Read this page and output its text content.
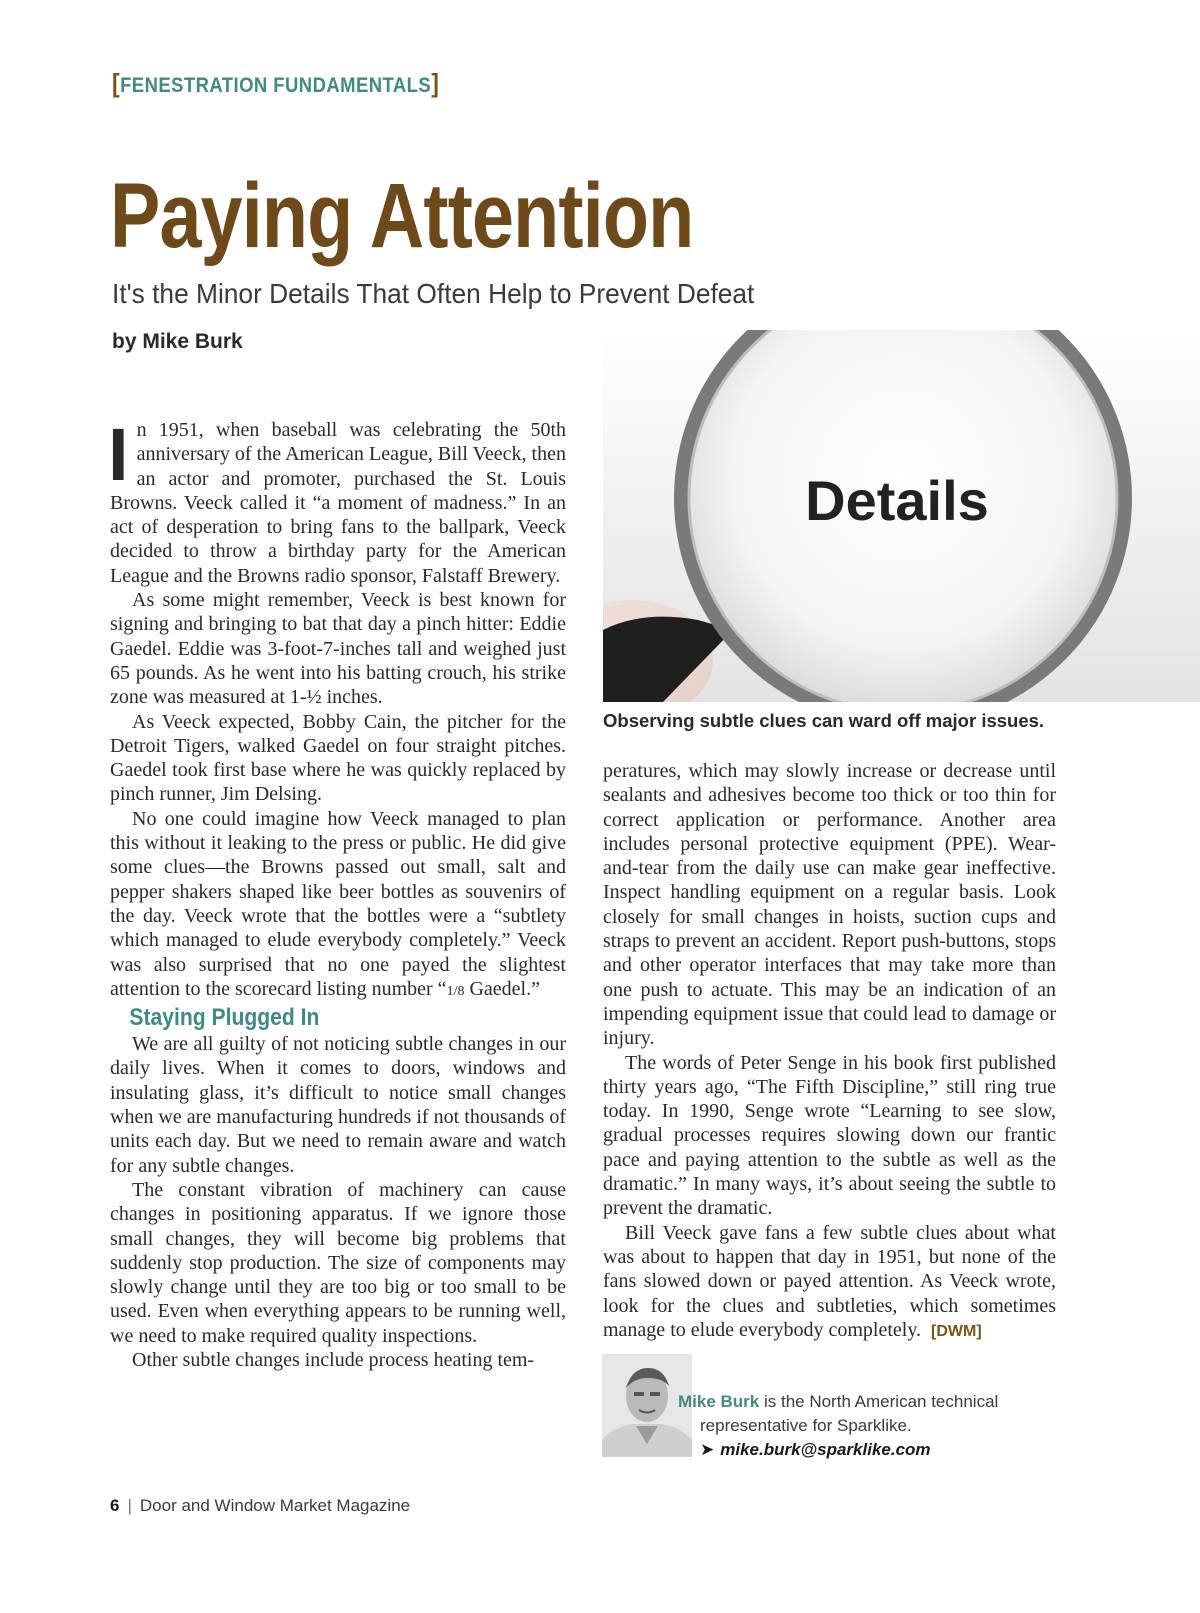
[FENESTRATION FUNDAMENTALS]
Paying Attention
It's the Minor Details That Often Help to Prevent Defeat
by Mike Burk
Details
Observing subtle clues can ward off major issues.

In 1951, when baseball was celebrating the 50th anniversary of the American League, Bill Veeck, then an actor and promoter, purchased the St. Louis Browns. Veeck called it “a moment of madness.” In an act of desperation to bring fans to the ballpark, Veeck decided to throw a birthday party for the American League and the Browns radio sponsor, Falstaff Brewery.

As some might remember, Veeck is best known for signing and bringing to bat that day a pinch hitter: Eddie Gaedel. Eddie was 3-foot-7-inches tall and weighed just 65 pounds. As he went into his batting crouch, his strike zone was measured at 1-½ inches.

As Veeck expected, Bobby Cain, the pitcher for the Detroit Tigers, walked Gaedel on four straight pitches. Gaedel took first base where he was quickly replaced by pinch runner, Jim Delsing.

No one could imagine how Veeck managed to plan this without it leaking to the press or public. He did give some clues—the Browns passed out small, salt and pepper shakers shaped like beer bottles as souvenirs of the day. Veeck wrote that the bottles were a “subtlety which managed to elude everybody completely.” Veeck was also surprised that no one payed the slightest attention to the scorecard listing number “1/8 Gaedel.”

Staying Plugged In

We are all guilty of not noticing subtle changes in our daily lives. When it comes to doors, windows and insulating glass, it’s difficult to notice small changes when we are manufacturing hundreds if not thousands of units each day. But we need to remain aware and watch for any subtle changes.

The constant vibration of machinery can cause changes in positioning apparatus. If we ignore those small changes, they will become big problems that suddenly stop production. The size of components may slowly change until they are too big or too small to be used. Even when everything appears to be running well, we need to make required quality inspections.

Other subtle changes include process heating tem-

peratures, which may slowly increase or decrease until sealants and adhesives become too thick or too thin for correct application or performance. Another area includes personal protective equipment (PPE). Wear-and-tear from the daily use can make gear ineffective. Inspect handling equipment on a regular basis. Look closely for small changes in hoists, suction cups and straps to prevent an accident. Report push-buttons, stops and other operator interfaces that may take more than one push to actuate. This may be an indication of an impending equipment issue that could lead to damage or injury.

The words of Peter Senge in his book first published thirty years ago, “The Fifth Discipline,” still ring true today. In 1990, Senge wrote “Learning to see slow, gradual processes requires slowing down our frantic pace and paying attention to the subtle as well as the dramatic.” In many ways, it’s about seeing the subtle to prevent the dramatic.

Bill Veeck gave fans a few subtle clues about what was about to happen that day in 1951, but none of the fans slowed down or payed attention. As Veeck wrote, look for the clues and subtleties, which sometimes manage to elude everybody completely. [DWM]

Mike Burk is the North American technical
representative for Sparklike.
➤ mike.burk@sparklike.com
6 | Door and Window Market Magazine
